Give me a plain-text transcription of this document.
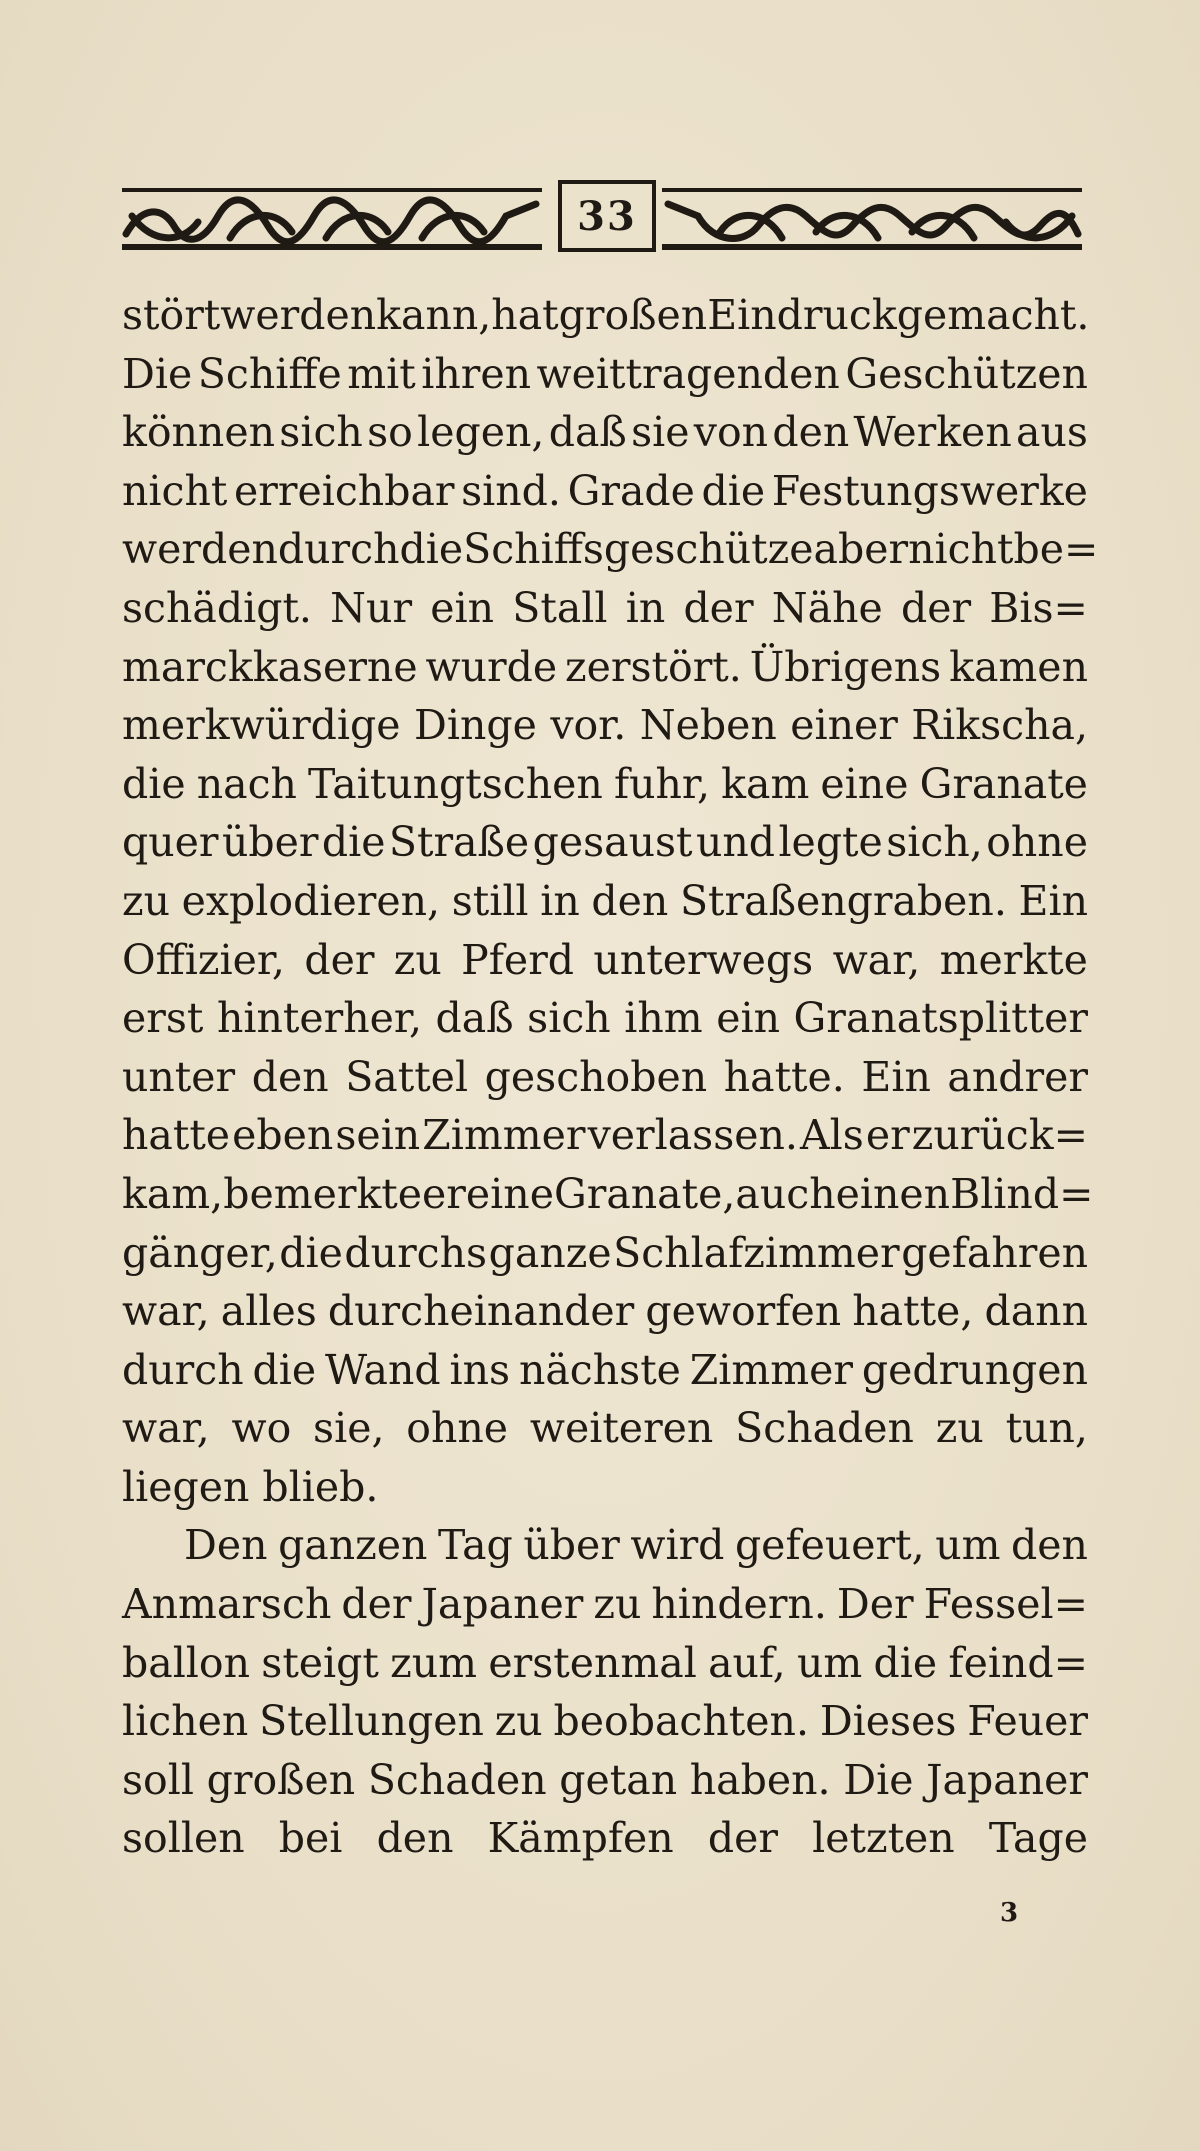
33
stört werden kann, hat großen Eindruck gemacht.
Die Schiffe mit ihren weittragenden Geschützen
können sich so legen, daß sie von den Werken aus
nicht erreichbar sind. Grade die Festungswerke
werden durch die Schiffsgeschütze aber nicht be=
schädigt. Nur ein Stall in der Nähe der Bis=
marckkaserne wurde zerstört. Übrigens kamen
merkwürdige Dinge vor. Neben einer Rikscha,
die nach Taitungtschen fuhr, kam eine Granate
quer über die Straße gesaust und legte sich, ohne
zu explodieren, still in den Straßengraben. Ein
Offizier, der zu Pferd unterwegs war, merkte
erst hinterher, daß sich ihm ein Granatsplitter
unter den Sattel geschoben hatte. Ein andrer
hatte eben sein Zimmer verlassen. Als er zurück=
kam, bemerkte er eine Granate, auch einen Blind=
gänger, die durchs ganze Schlafzimmer gefahren
war, alles durcheinander geworfen hatte, dann
durch die Wand ins nächste Zimmer gedrungen
war, wo sie, ohne weiteren Schaden zu tun,
liegen blieb.
Den ganzen Tag über wird gefeuert, um den
Anmarsch der Japaner zu hindern. Der Fessel=
ballon steigt zum erstenmal auf, um die feind=
lichen Stellungen zu beobachten. Dieses Feuer
soll großen Schaden getan haben. Die Japaner
sollen bei den Kämpfen der letzten Tage
3
